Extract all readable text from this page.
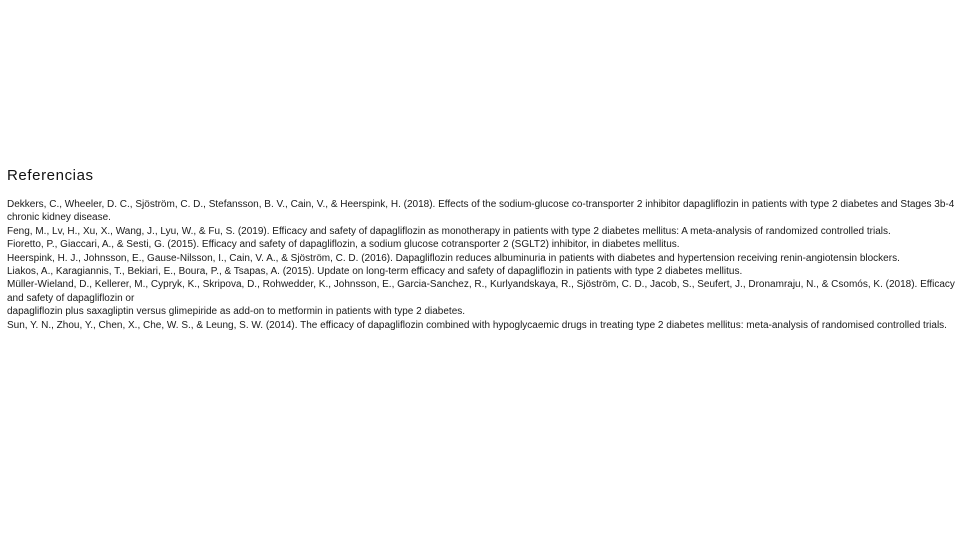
Referencias
Dekkers, C., Wheeler, D. C., Sjöström, C. D., Stefansson, B. V., Cain, V., & Heerspink, H. (2018). Effects of the sodium-glucose co-transporter 2 inhibitor dapagliflozin in patients with type 2 diabetes and Stages 3b-4 chronic kidney disease.
Feng, M., Lv, H., Xu, X., Wang, J., Lyu, W., & Fu, S. (2019). Efficacy and safety of dapagliflozin as monotherapy in patients with type 2 diabetes mellitus: A meta-analysis of randomized controlled trials.
Fioretto, P., Giaccari, A., & Sesti, G. (2015). Efficacy and safety of dapagliflozin, a sodium glucose cotransporter 2 (SGLT2) inhibitor, in diabetes mellitus.
Heerspink, H. J., Johnsson, E., Gause-Nilsson, I., Cain, V. A., & Sjöström, C. D. (2016). Dapagliflozin reduces albuminuria in patients with diabetes and hypertension receiving renin-angiotensin blockers.
Liakos, A., Karagiannis, T., Bekiari, E., Boura, P., & Tsapas, A. (2015). Update on long-term efficacy and safety of dapagliflozin in patients with type 2 diabetes mellitus.
Müller-Wieland, D., Kellerer, M., Cypryk, K., Skripova, D., Rohwedder, K., Johnsson, E., Garcia-Sanchez, R., Kurlyandskaya, R., Sjöström, C. D., Jacob, S., Seufert, J., Dronamraju, N., & Csomós, K. (2018). Efficacy and safety of dapagliflozin or
dapagliflozin plus saxagliptin versus glimepiride as add-on to metformin in patients with type 2 diabetes.
Sun, Y. N., Zhou, Y., Chen, X., Che, W. S., & Leung, S. W. (2014). The efficacy of dapagliflozin combined with hypoglycaemic drugs in treating type 2 diabetes mellitus: meta-analysis of randomised controlled trials.
